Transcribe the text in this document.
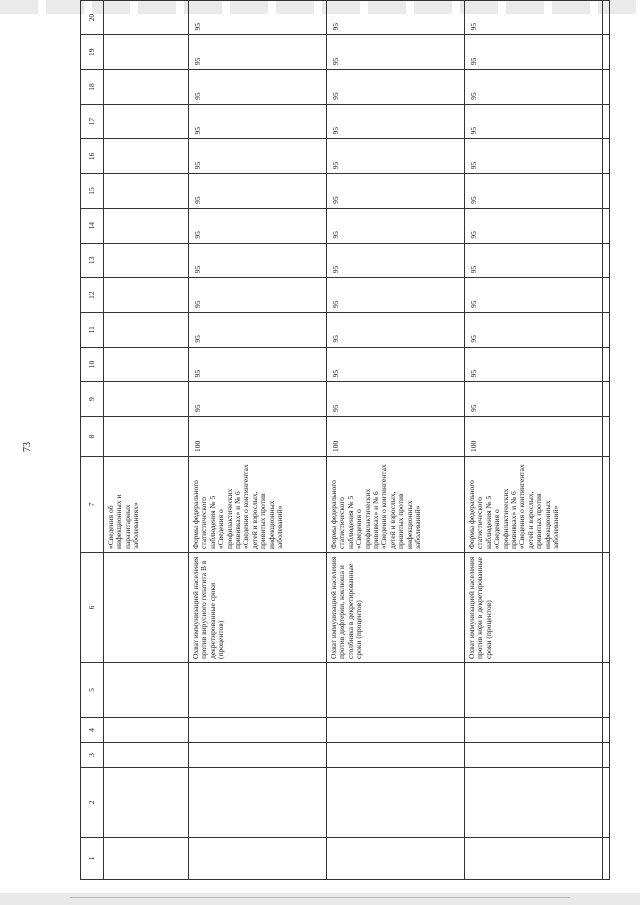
73
1	2	3	4	5	6	7	8	9	10	11	12	13	14	15	16	17	18	19	20
						«Сведения об инфекционных и паразитарных заболеваниях»													
					Охват иммунизацией населения против вирусного гепатита В в декретированные сроки (процентов)	Формы федерального статистического наблюдения № 5 «Сведения о профилактических прививках» и № 6 «Сведения о контингентах детей и взрослых, привитых против инфекционных заболеваний»	100	95	95	95	95	95	95	95	95	95	95	95	95
					Охват иммунизацией населения против дифтерии, коклюша и столбняка в декретированные сроки (процентов)	Формы федерального статистического наблюдения № 5 «Сведения о профилактических прививках» и № 6 «Сведения о контингентах детей и взрослых, привитых против инфекционных заболеваний»	100	95	95	95	95	95	95	95	95	95	95	95	95
					Охват иммунизацией населения против кори в декретированные сроки (процентов)	Формы федерального статистического наблюдения № 5 «Сведения о профилактических прививках» и № 6 «Сведения о контингентах детей и взрослых, привитых против инфекционных заболеваний»	100	95	95	95	95	95	95	95	95	95	95	95	95
